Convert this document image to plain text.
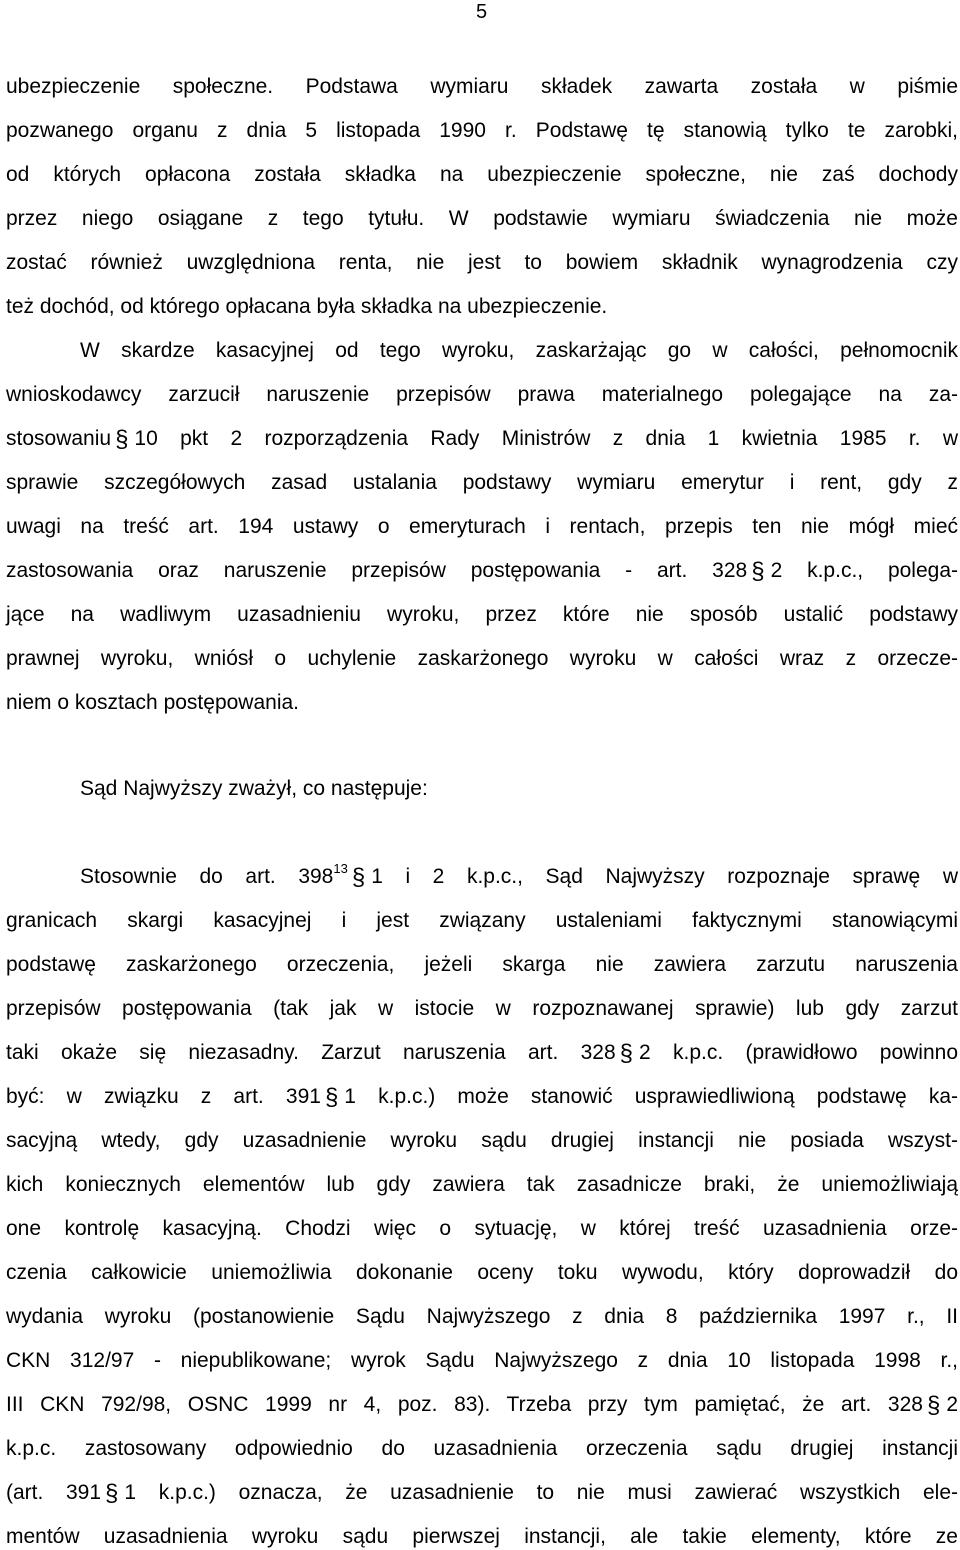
5
ubezpieczenie społeczne. Podstawa wymiaru składek zawarta została w piśmie
pozwanego organu z dnia 5 listopada 1990 r. Podstawę tę stanowią tylko te zarobki,
od których opłacona została składka na ubezpieczenie społeczne, nie zaś dochody
przez niego osiągane z tego tytułu. W podstawie wymiaru świadczenia nie może
zostać również uwzględniona renta, nie jest to bowiem składnik wynagrodzenia czy
też dochód, od którego opłacana była składka na ubezpieczenie.
W skardze kasacyjnej od tego wyroku, zaskarżając go w całości, pełnomocnik
wnioskodawcy zarzucił naruszenie przepisów prawa materialnego polegające na za-
stosowaniu § 10 pkt 2 rozporządzenia Rady Ministrów z dnia 1 kwietnia 1985 r. w
sprawie szczegółowych zasad ustalania podstawy wymiaru emerytur i rent, gdy z
uwagi na treść art. 194 ustawy o emeryturach i rentach, przepis ten nie mógł mieć
zastosowania oraz naruszenie przepisów postępowania - art. 328 § 2 k.p.c., polega-
jące na wadliwym uzasadnieniu wyroku, przez które nie sposób ustalić podstawy
prawnej wyroku, wniósł o uchylenie zaskarżonego wyroku w całości wraz z orzecze-
niem o kosztach postępowania.
Sąd Najwyższy zważył, co następuje:
Stosownie do art. $398^{13}$ § 1 i 2 k.p.c., Sąd Najwyższy rozpoznaje sprawę w
granicach skargi kasacyjnej i jest związany ustaleniami faktycznymi stanowiącymi
podstawę zaskarżonego orzeczenia, jeżeli skarga nie zawiera zarzutu naruszenia
przepisów postępowania (tak jak w istocie w rozpoznawanej sprawie) lub gdy zarzut
taki okaże się niezasadny. Zarzut naruszenia art. 328 § 2 k.p.c. (prawidłowo powinno
być: w związku z art. 391 § 1 k.p.c.) może stanowić usprawiedliwioną podstawę ka-
sacyjną wtedy, gdy uzasadnienie wyroku sądu drugiej instancji nie posiada wszyst-
kich koniecznych elementów lub gdy zawiera tak zasadnicze braki, że uniemożliwiają
one kontrolę kasacyjną. Chodzi więc o sytuację, w której treść uzasadnienia orze-
czenia całkowicie uniemożliwia dokonanie oceny toku wywodu, który doprowadził do
wydania wyroku (postanowienie Sądu Najwyższego z dnia 8 października 1997 r., II
CKN 312/97 - niepublikowane; wyrok Sądu Najwyższego z dnia 10 listopada 1998 r.,
III CKN 792/98, OSNC 1999 nr 4, poz. 83). Trzeba przy tym pamiętać, że art. 328 § 2
k.p.c. zastosowany odpowiednio do uzasadnienia orzeczenia sądu drugiej instancji
(art. 391 § 1 k.p.c.) oznacza, że uzasadnienie to nie musi zawierać wszystkich ele-
mentów uzasadnienia wyroku sądu pierwszej instancji, ale takie elementy, które ze
